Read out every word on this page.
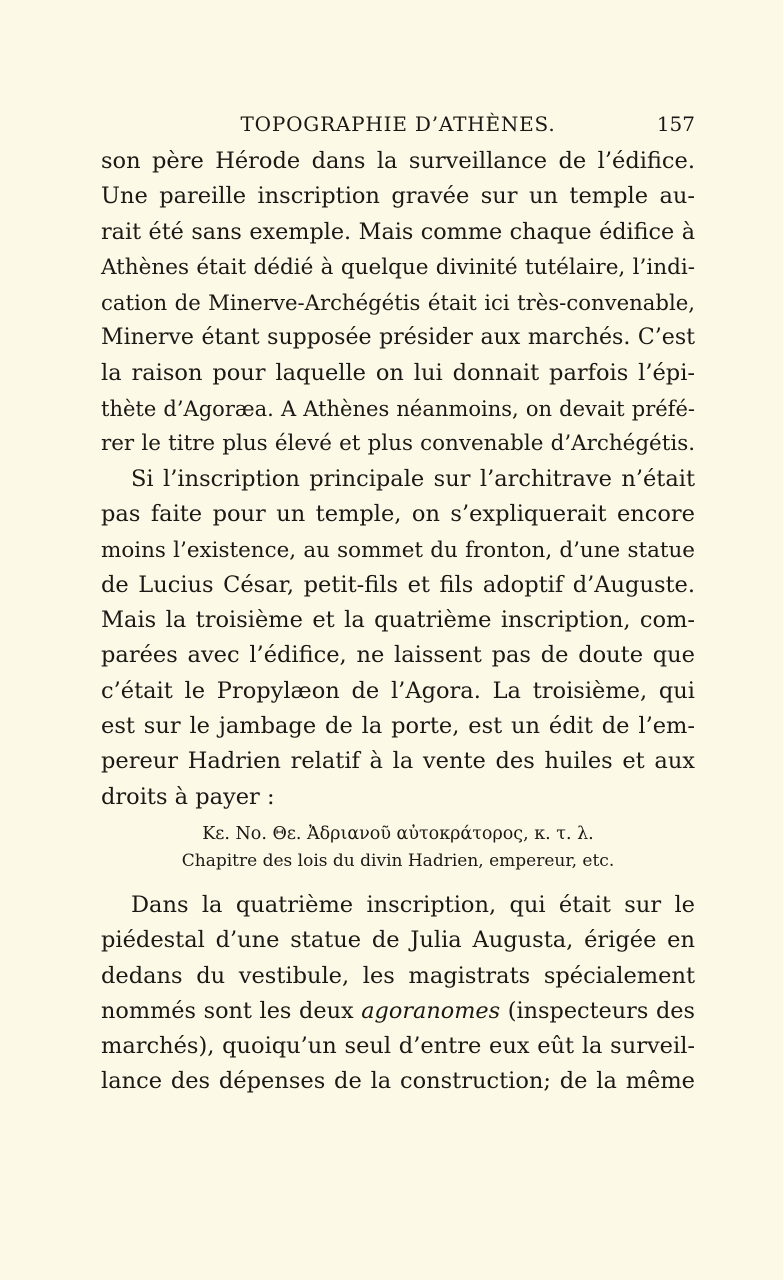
TOPOGRAPHIE D’ATHÈNES.	157
son père Hérode dans la surveillance de l’édifice.
Une pareille inscription gravée sur un temple au-
rait été sans exemple. Mais comme chaque édifice à
Athènes était dédié à quelque divinité tutélaire, l’indi-
cation de Minerve-Archégétis était ici très-convenable,
Minerve étant supposée présider aux marchés. C’est
la raison pour laquelle on lui donnait parfois l’épi-
thète d’Agoræa. A Athènes néanmoins, on devait préfé-
rer le titre plus élevé et plus convenable d’Archégétis.
Si l’inscription principale sur l’architrave n’était
pas faite pour un temple, on s’expliquerait encore
moins l’existence, au sommet du fronton, d’une statue
de Lucius César, petit-fils et fils adoptif d’Auguste.
Mais la troisième et la quatrième inscription, com-
parées avec l’édifice, ne laissent pas de doute que
c’était le Propylæon de l’Agora. La troisième, qui
est sur le jambage de la porte, est un édit de l’em-
pereur Hadrien relatif à la vente des huiles et aux
droits à payer :
Κε. Νο. Θε. Ἀδριανοῦ αὐτοκράτορος, κ. τ. λ.
Chapitre des lois du divin Hadrien, empereur, etc.
Dans la quatrième inscription, qui était sur le
piédestal d’une statue de Julia Augusta, érigée en
dedans du vestibule, les magistrats spécialement
nommés sont les deux agoranomes (inspecteurs des
marchés), quoiqu’un seul d’entre eux eût la surveil-
lance des dépenses de la construction; de la même
